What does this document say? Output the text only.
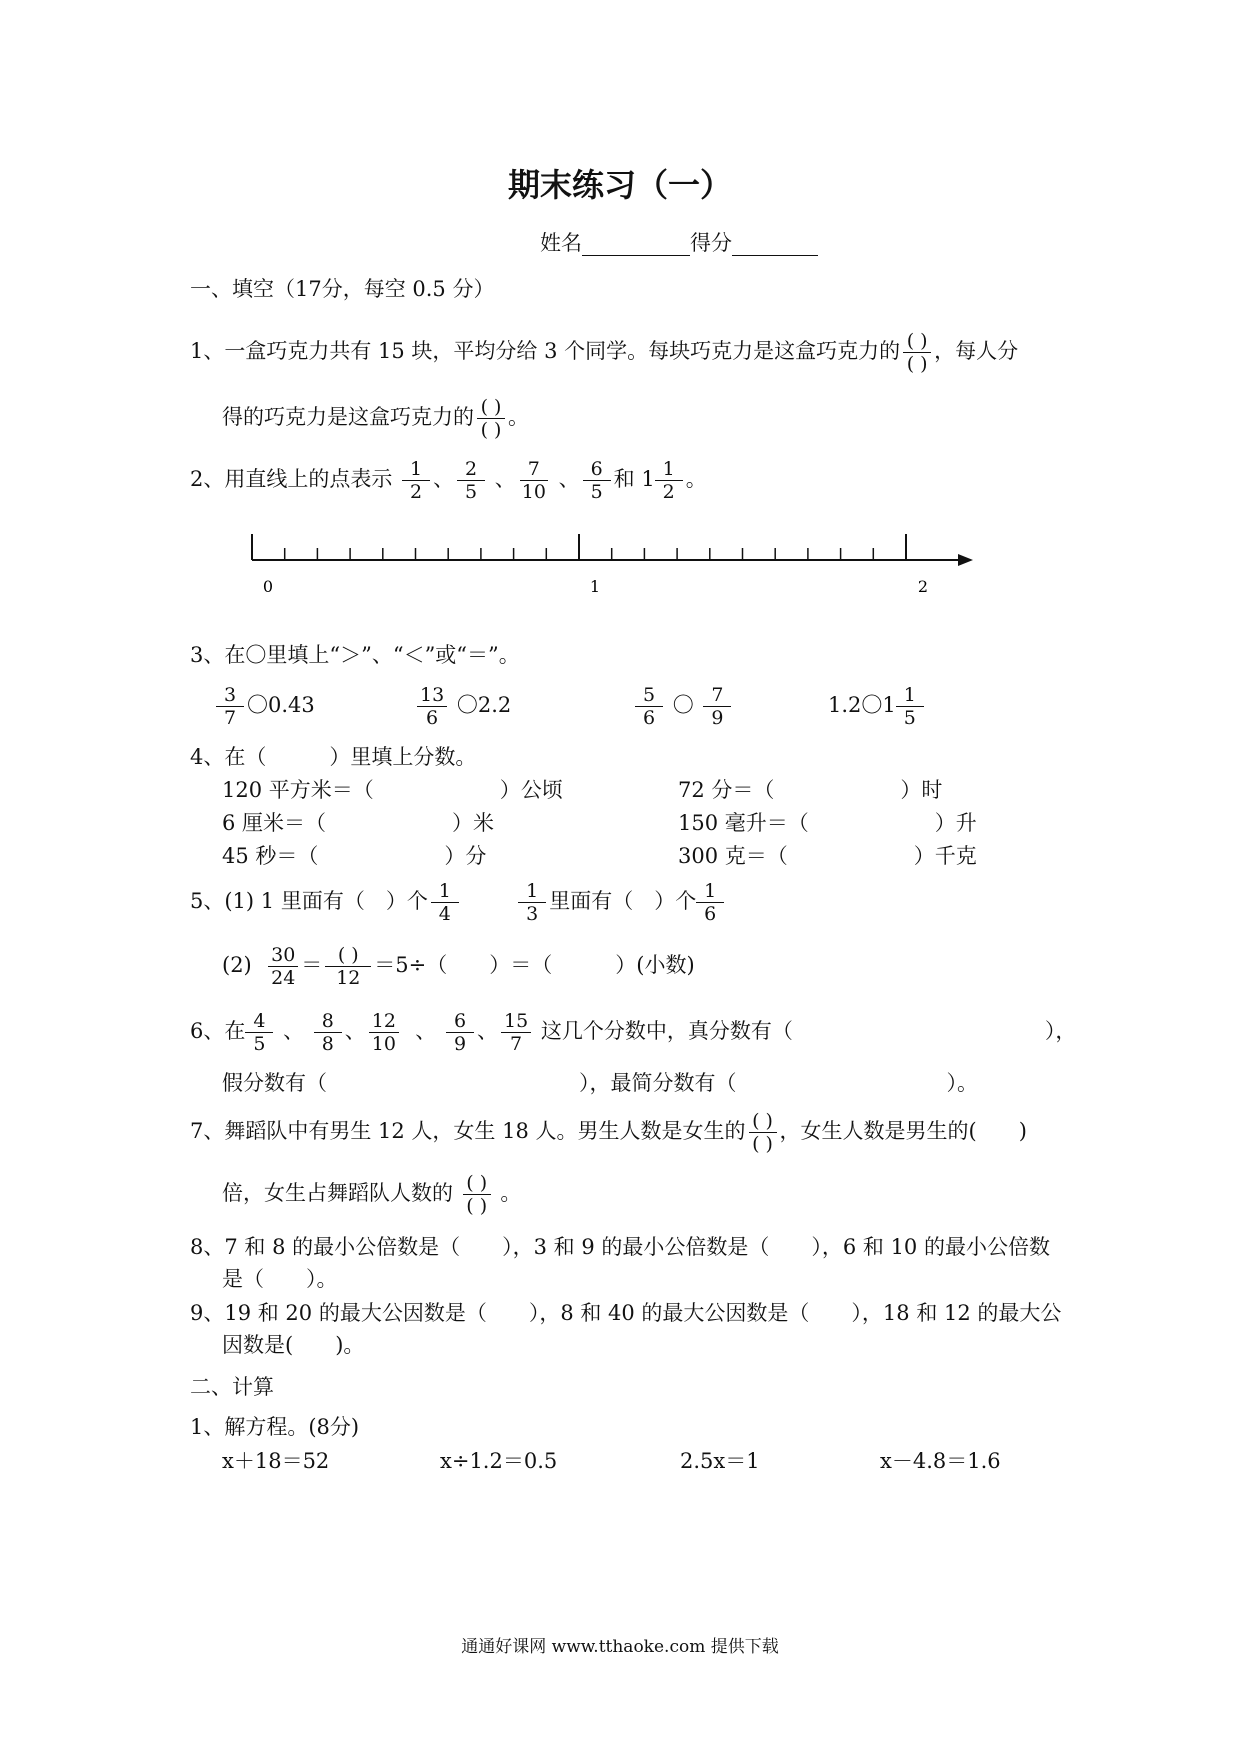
期末练习（一）
姓名	得分
一、填空（17分，每空 0.5 分）
1、一盒巧克力共有 15 块，平均分给 3 个同学。每块巧克力是这盒巧克力的 $\frac{( )}{( )}$ ，每人分
得的巧克力是这盒巧克力的 $\frac{( )}{( )}$ 。
2、用直线上的点表示 $\frac{1}{2}$ 、 $\frac{2}{5}$ 、 $\frac{7}{10}$ 、 $\frac{6}{5}$ 和 $1 \frac{1}{2}$ 。
0	1	2
3、在〇里填上“＞”、“＜”或“＝”。
$\frac{3}{7}$ 〇0.43	$\frac{13}{6}$ 〇2.2	$\frac{5}{6}$ 〇 $\frac{7}{9}$	1.2〇$1 \frac{1}{5}$
4、在（　　　）里填上分数。
120 平方米＝（　　　　　　）公顷	72 分＝（　　　　　　）时
6 厘米＝（　　　　　　）米	150 毫升＝（　　　　　　）升
45 秒＝（　　　　　　）分	300 克＝（　　　　　　）千克
5、(1) 1 里面有（　）个 $\frac{1}{4}$
	$\frac{1}{3}$ 里面有（　）个 $\frac{1}{6}$
$(2) \frac{30}{24} = \frac{( )}{12} =5\div$（　　）＝（　　　）(小数)
6、在 $\frac{4}{5}$ 、 $\frac{8}{8}$ 、 $\frac{12}{10}$ 、 $\frac{6}{9}$ 、 $\frac{15}{7}$ 这几个分数中，真分数有（　　　　　　　　　　　　），
假分数有（　　　　　　　　　　　　），最简分数有（　　　　　　　　　　）。
7、舞蹈队中有男生 12 人，女生 18 人。男生人数是女生的 $\frac{( )}{( )}$ ，女生人数是男生的(　　)
倍，女生占舞蹈队人数的 $\frac{( )}{( )}$ 。
8、7 和 8 的最小公倍数是（　　），3 和 9 的最小公倍数是（　　），6 和 10 的最小公倍数
是（　　）。
9、19 和 20 的最大公因数是（　　），8 和 40 的最大公因数是（　　），18 和 12 的最大公
因数是(　　)。
二、计算
1、解方程。(8分)
x＋18＝52	x÷1.2＝0.5	2.5x＝1	x－4.8＝1.6
通通好课网 www.tthaoke.com 提供下载
